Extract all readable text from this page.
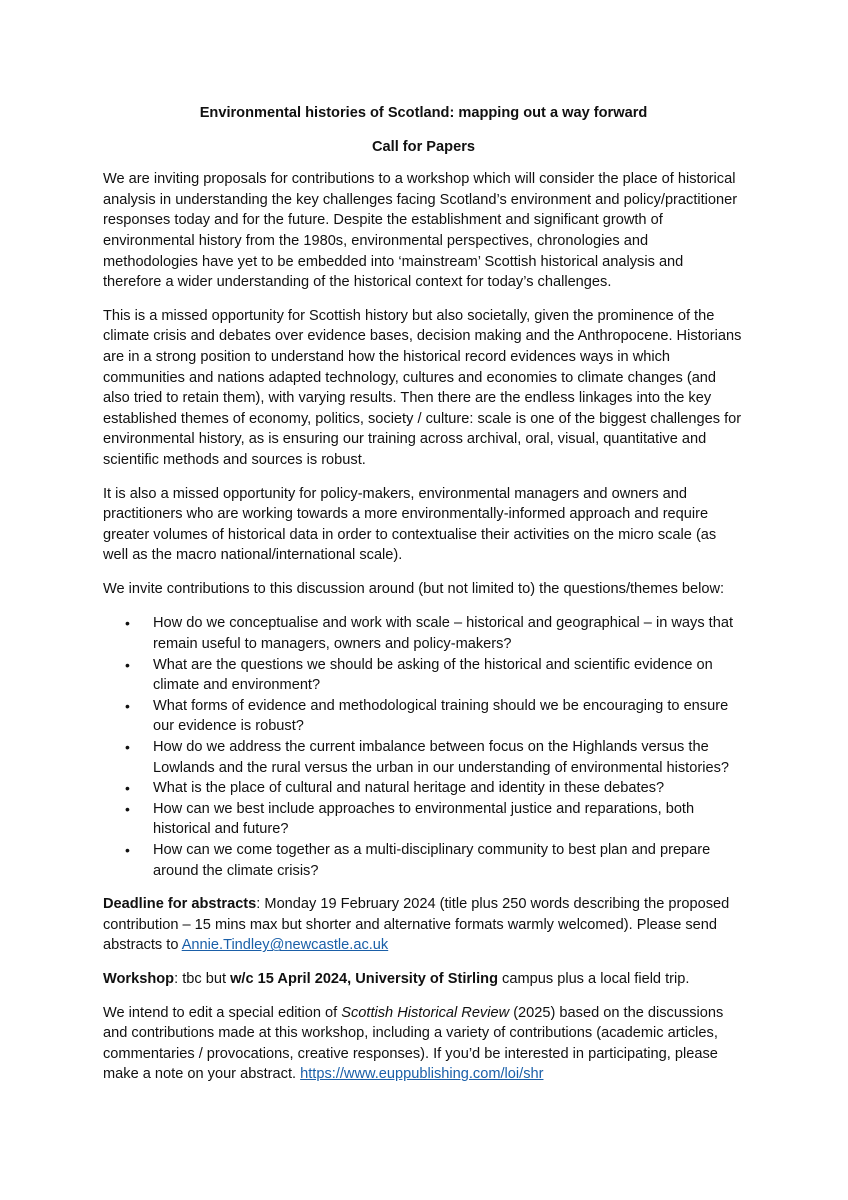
Environmental histories of Scotland: mapping out a way forward

Call for Papers

We are inviting proposals for contributions to a workshop which will consider the place of historical analysis in understanding the key challenges facing Scotland’s environment and policy/practitioner responses today and for the future. Despite the establishment and significant growth of environmental history from the 1980s, environmental perspectives, chronologies and methodologies have yet to be embedded into ‘mainstream’ Scottish historical analysis and therefore a wider understanding of the historical context for today’s challenges.

This is a missed opportunity for Scottish history but also societally, given the prominence of the climate crisis and debates over evidence bases, decision making and the Anthropocene. Historians are in a strong position to understand how the historical record evidences ways in which communities and nations adapted technology, cultures and economies to climate changes (and also tried to retain them), with varying results. Then there are the endless linkages into the key established themes of economy, politics, society / culture: scale is one of the biggest challenges for environmental history, as is ensuring our training across archival, oral, visual, quantitative and scientific methods and sources is robust.

It is also a missed opportunity for policy-makers, environmental managers and owners and practitioners who are working towards a more environmentally-informed approach and require greater volumes of historical data in order to contextualise their activities on the micro scale (as well as the macro national/international scale).

We invite contributions to this discussion around (but not limited to) the questions/themes below:

• How do we conceptualise and work with scale – historical and geographical – in ways that remain useful to managers, owners and policy-makers?
• What are the questions we should be asking of the historical and scientific evidence on climate and environment?
• What forms of evidence and methodological training should we be encouraging to ensure our evidence is robust?
• How do we address the current imbalance between focus on the Highlands versus the Lowlands and the rural versus the urban in our understanding of environmental histories?
• What is the place of cultural and natural heritage and identity in these debates?
• How can we best include approaches to environmental justice and reparations, both historical and future?
• How can we come together as a multi-disciplinary community to best plan and prepare around the climate crisis?

Deadline for abstracts: Monday 19 February 2024 (title plus 250 words describing the proposed contribution – 15 mins max but shorter and alternative formats warmly welcomed). Please send abstracts to Annie.Tindley@newcastle.ac.uk

Workshop: tbc but w/c 15 April 2024, University of Stirling campus plus a local field trip.

We intend to edit a special edition of Scottish Historical Review (2025) based on the discussions and contributions made at this workshop, including a variety of contributions (academic articles, commentaries / provocations, creative responses). If you’d be interested in participating, please make a note on your abstract. https://www.euppublishing.com/loi/shr
